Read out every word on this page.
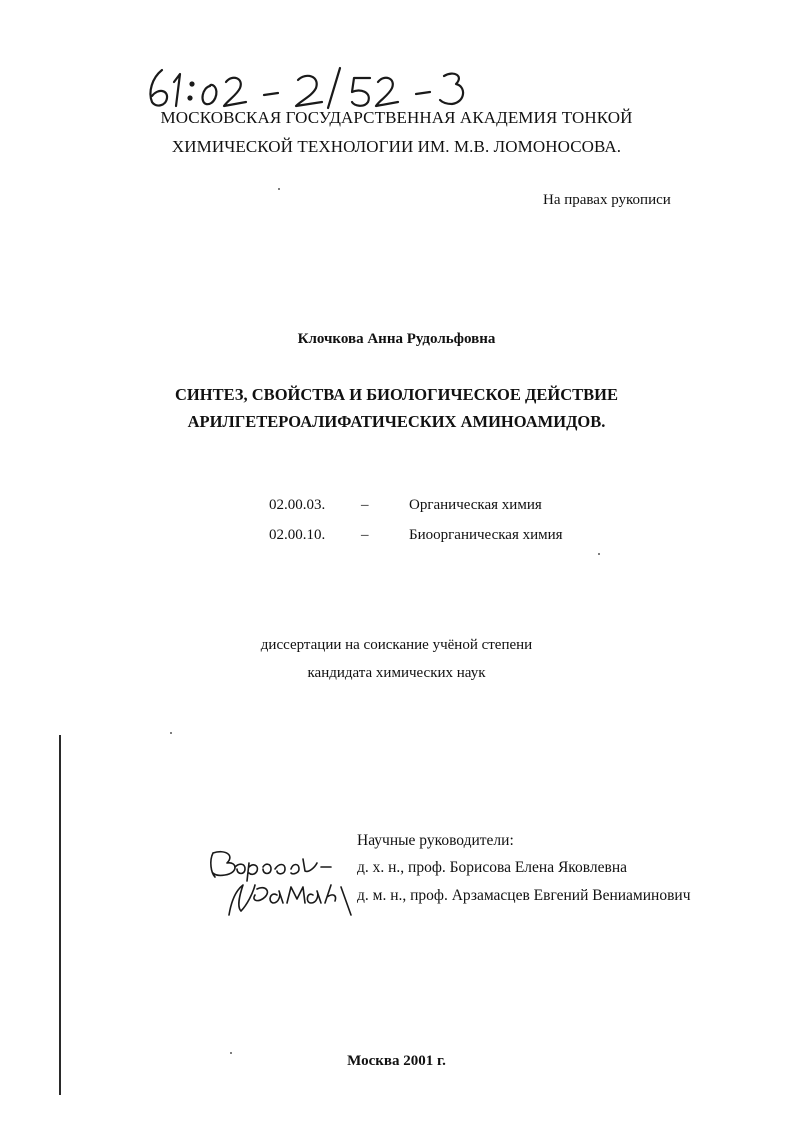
МОСКОВСКАЯ ГОСУДАРСТВЕННАЯ АКАДЕМИЯ ТОНКОЙ
ХИМИЧЕСКОЙ ТЕХНОЛОГИИ ИМ. М.В. ЛОМОНОСОВА.
На правах рукописи
Клочкова Анна Рудольфовна
СИНТЕЗ, СВОЙСТВА И БИОЛОГИЧЕСКОЕ ДЕЙСТВИЕ
АРИЛГЕТЕРОАЛИФАТИЧЕСКИХ АМИНОАМИДОВ.
02.00.03. –	Органическая химия
02.00.10. –	Биоорганическая химия
диссертации на соискание учёной степени
кандидата химических наук
Научные руководители:
д. х. н., проф. Борисова Елена Яковлевна
д. м. н., проф. Арзамасцев Евгений Вениаминович
Москва 2001 г.
